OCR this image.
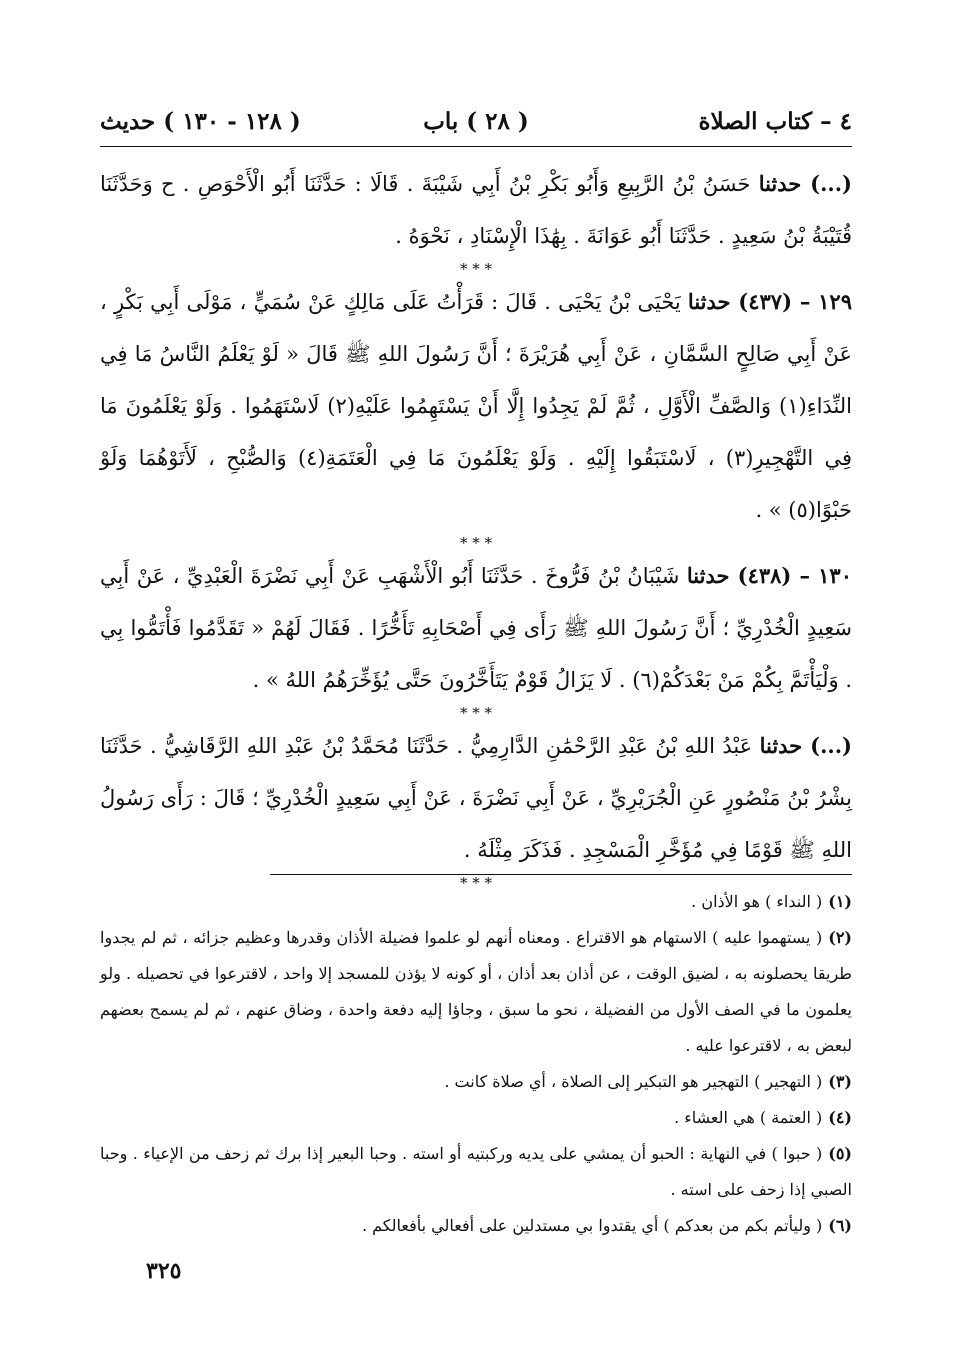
٤ – كتاب الصلاة
( ٢٨ ) باب
( ١٢٨ - ١٣٠ ) حديث

(...) حدثنا حَسَنُ بْنُ الرَّبِيعِ وَأَبُو بَكْرِ بْنُ أَبِي شَيْبَةَ . قَالَا : حَدَّثَنَا أَبُو الْأَحْوَصِ . ح وَحَدَّثَنَا قُتَيْبَةُ بْنُ سَعِيدٍ . حَدَّثَنَا أَبُو عَوَانَةَ . بِهَٰذَا الْإِسْنَادِ ، نَحْوَهُ .

* * *

١٢٩ – (٤٣٧) حدثنا يَحْيَى بْنُ يَحْيَى . قَالَ : قَرَأْتُ عَلَى مَالِكٍ عَنْ سُمَيٍّ ، مَوْلَى أَبِي بَكْرٍ ، عَنْ أَبِي صَالِحٍ السَّمَّانِ ، عَنْ أَبِي هُرَيْرَةَ ؛ أَنَّ رَسُولَ اللهِ ﷺ قَالَ « لَوْ يَعْلَمُ النَّاسُ مَا فِي النِّدَاءِ(١) وَالصَّفِّ الْأَوَّلِ ، ثُمَّ لَمْ يَجِدُوا إِلَّا أَنْ يَسْتَهِمُوا عَلَيْهِ(٢) لَاسْتَهَمُوا . وَلَوْ يَعْلَمُونَ مَا فِي التَّهْجِيرِ(٣) ، لَاسْتَبَقُوا إِلَيْهِ . وَلَوْ يَعْلَمُونَ مَا فِي الْعَتَمَةِ(٤) وَالصُّبْحِ ، لَأَتَوْهُمَا وَلَوْ حَبْوًا(٥) » .

* * *

١٣٠ – (٤٣٨) حدثنا شَيْبَانُ بْنُ فَرُّوخَ . حَدَّثَنَا أَبُو الْأَشْهَبِ عَنْ أَبِي نَضْرَةَ الْعَبْدِيِّ ، عَنْ أَبِي سَعِيدٍ الْخُدْرِيِّ ؛ أَنَّ رَسُولَ اللهِ ﷺ رَأَى فِي أَصْحَابِهِ تَأَخُّرًا . فَقَالَ لَهُمْ « تَقَدَّمُوا فَأْتَمُّوا بِي . وَلْيَأْتَمَّ بِكُمْ مَنْ بَعْدَكُمْ(٦) . لَا يَزَالُ قَوْمٌ يَتَأَخَّرُونَ حَتَّى يُؤَخِّرَهُمُ اللهُ » .

* * *

(...) حدثنا عَبْدُ اللهِ بْنُ عَبْدِ الرَّحْمَٰنِ الدَّارِمِيُّ . حَدَّثَنَا مُحَمَّدُ بْنُ عَبْدِ اللهِ الرَّقَاشِيُّ . حَدَّثَنَا بِشْرُ بْنُ مَنْصُورٍ عَنِ الْجُرَيْرِيِّ ، عَنْ أَبِي نَضْرَةَ ، عَنْ أَبِي سَعِيدٍ الْخُدْرِيِّ ؛ قَالَ : رَأَى رَسُولُ اللهِ ﷺ قَوْمًا فِي مُؤَخَّرِ الْمَسْجِدِ . فَذَكَرَ مِثْلَهُ .

* * *

(١)( النداء ) هو الأذان .

(٢)( يستهموا عليه ) الاستهام هو الاقتراع . ومعناه أنهم لو علموا فضيلة الأذان وقدرها وعظيم جزائه ، ثم لم يجدوا طريقا يحصلونه به ، لضيق الوقت ، عن أذان بعد أذان ، أو كونه لا يؤذن للمسجد إلا واحد ، لاقترعوا في تحصيله . ولو يعلمون ما في الصف الأول من الفضيلة ، نحو ما سبق ، وجاؤا إليه دفعة واحدة ، وضاق عنهم ، ثم لم يسمح بعضهم لبعض به ، لاقترعوا عليه .

(٣)( التهجير ) التهجير هو التبكير إلى الصلاة ، أي صلاة كانت .

(٤)( العتمة ) هي العشاء .

(٥)( حبوا ) في النهاية : الحبو أن يمشي على يديه وركبتيه أو استه . وحبا البعير إذا برك ثم زحف من الإعياء . وحبا الصبي إذا زحف على استه .

(٦)( وليأتم بكم من بعدكم ) أي يقتدوا بي مستدلين على أفعالي بأفعالكم .

٣٢٥
